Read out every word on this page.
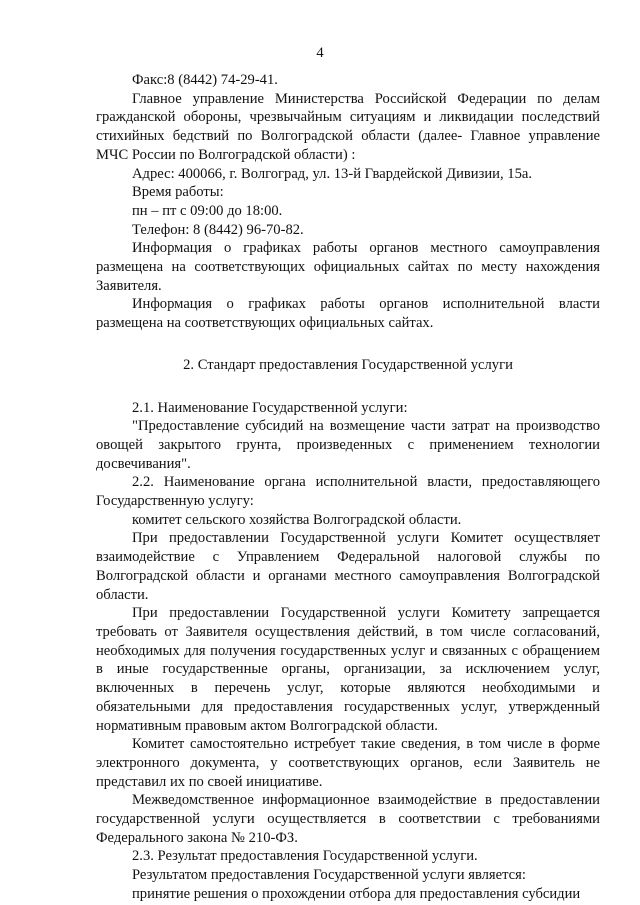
4

Факс:8 (8442) 74-29-41.

Главное управление Министерства Российской Федерации по делам гражданской обороны, чрезвычайным ситуациям и ликвидации последствий стихийных бедствий по Волгоградской области (далее- Главное управление МЧС России по Волгоградской области) :

Адрес: 400066, г. Волгоград, ул. 13-й Гвардейской Дивизии, 15а.

Время работы:

пн – пт с 09:00 до 18:00.

Телефон: 8 (8442) 96-70-82.

Информация о графиках работы органов местного самоуправления размещена на соответствующих официальных сайтах по месту нахождения Заявителя.

Информация о графиках работы органов исполнительной власти размещена на соответствующих официальных сайтах.

2. Стандарт предоставления Государственной услуги

2.1. Наименование Государственной услуги:

"Предоставление субсидий на возмещение части затрат на производство овощей закрытого грунта, произведенных с применением технологии досвечивания".

2.2. Наименование органа исполнительной власти, предоставляющего Государственную услугу:

комитет сельского хозяйства Волгоградской области.

При предоставлении Государственной услуги Комитет осуществляет взаимодействие с Управлением Федеральной налоговой службы по Волгоградской области и органами местного самоуправления Волгоградской области.

При предоставлении Государственной услуги Комитету запрещается требовать от Заявителя осуществления действий, в том числе согласований, необходимых для получения государственных услуг и связанных с обращением в иные государственные органы, организации, за исключением услуг, включенных в перечень услуг, которые являются необходимыми и обязательными для предоставления государственных услуг, утвержденный нормативным правовым актом Волгоградской области.

Комитет самостоятельно истребует такие сведения, в том числе в форме электронного документа, у соответствующих органов, если Заявитель не представил их по своей инициативе.

Межведомственное информационное взаимодействие в предоставлении государственной услуги осуществляется в соответствии с требованиями Федерального закона № 210-ФЗ.

2.3. Результат предоставления Государственной услуги.

Результатом предоставления Государственной услуги является:

принятие решения о прохождении отбора для предоставления субсидии
